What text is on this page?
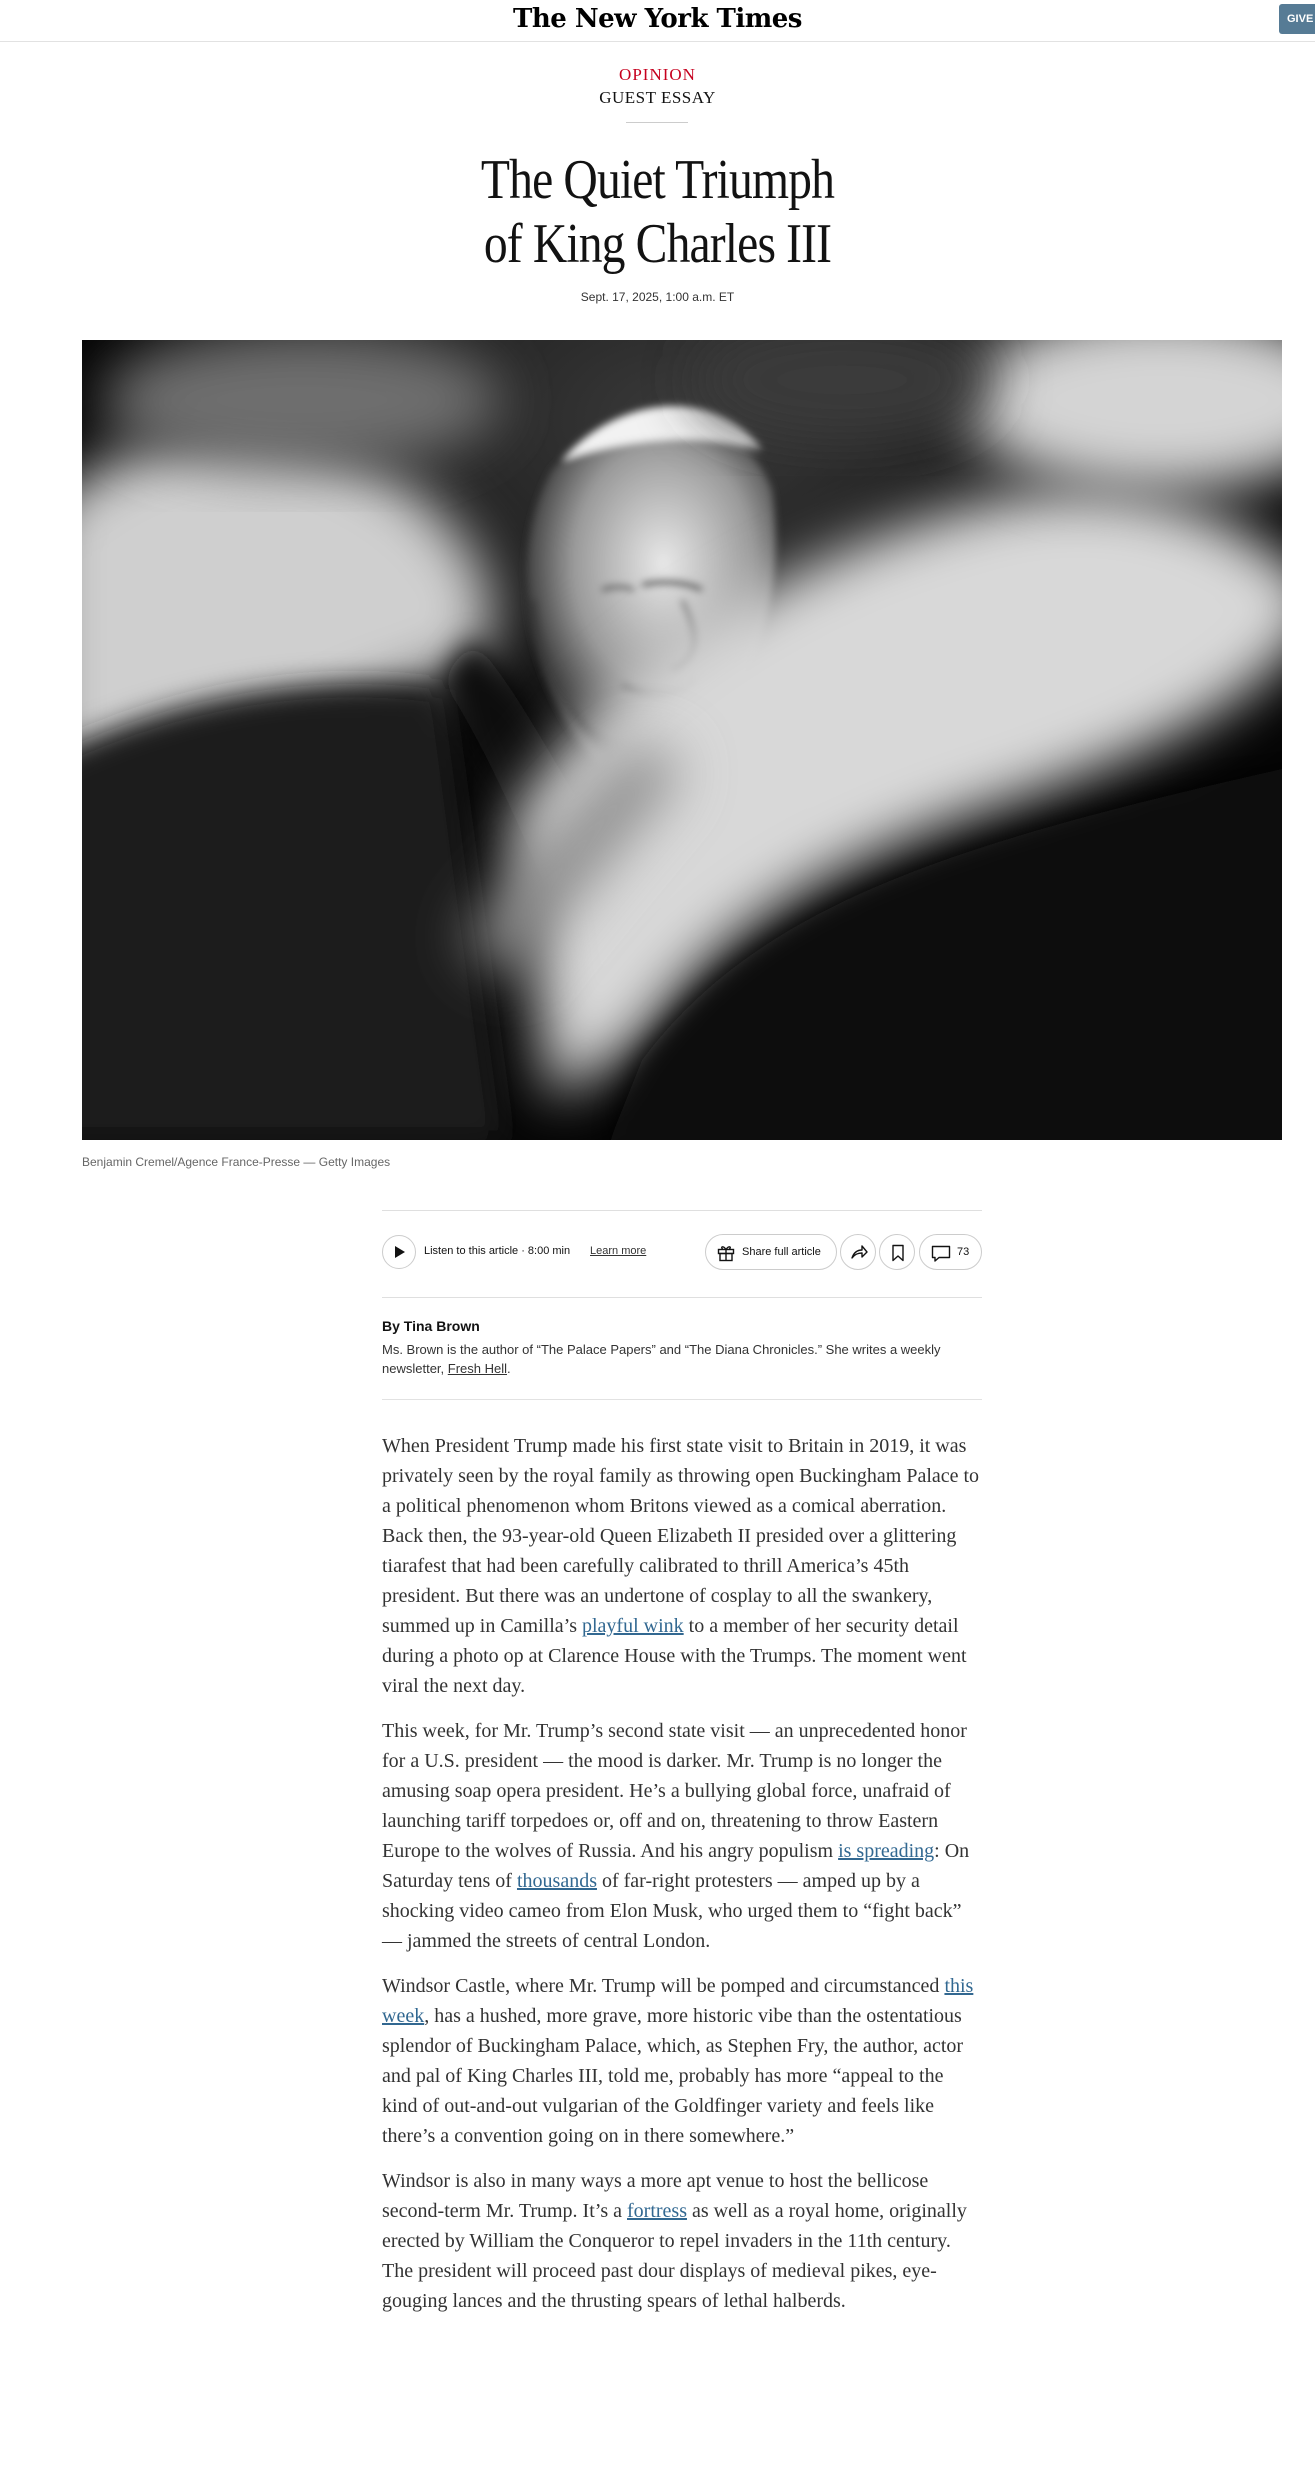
The New York Times	GIVE
OPINION
GUEST ESSAY
The Quiet Triumph
of King Charles III
Sept. 17, 2025, 1:00 a.m. ET
Benjamin Cremel/Agence France-Presse — Getty Images
Listen to this article · 8:00 min Learn more	Share full article	73
By Tina Brown
Ms. Brown is the author of “The Palace Papers” and “The Diana Chronicles.” She writes a weekly newsletter, Fresh Hell.

When President Trump made his first state visit to Britain in 2019, it was privately seen by the royal family as throwing open Buckingham Palace to a political phenomenon whom Britons viewed as a comical aberration. Back then, the 93-year-old Queen Elizabeth II presided over a glittering tiarafest that had been carefully calibrated to thrill America’s 45th president. But there was an undertone of cosplay to all the swankery, summed up in Camilla’s playful wink to a member of her security detail during a photo op at Clarence House with the Trumps. The moment went viral the next day.

This week, for Mr. Trump’s second state visit — an unprecedented honor for a U.S. president — the mood is darker. Mr. Trump is no longer the amusing soap opera president. He’s a bullying global force, unafraid of launching tariff torpedoes or, off and on, threatening to throw Eastern Europe to the wolves of Russia. And his angry populism is spreading: On Saturday tens of thousands of far-right protesters — amped up by a shocking video cameo from Elon Musk, who urged them to “fight back” — jammed the streets of central London.

Windsor Castle, where Mr. Trump will be pomped and circumstanced this week, has a hushed, more grave, more historic vibe than the ostentatious splendor of Buckingham Palace, which, as Stephen Fry, the author, actor and pal of King Charles III, told me, probably has more “appeal to the kind of out-and-out vulgarian of the Goldfinger variety and feels like there’s a convention going on in there somewhere.”

Windsor is also in many ways a more apt venue to host the bellicose second-term Mr. Trump. It’s a fortress as well as a royal home, originally erected by William the Conqueror to repel invaders in the 11th century. The president will proceed past dour displays of medieval pikes, eye-gouging lances and the thrusting spears of lethal halberds.
